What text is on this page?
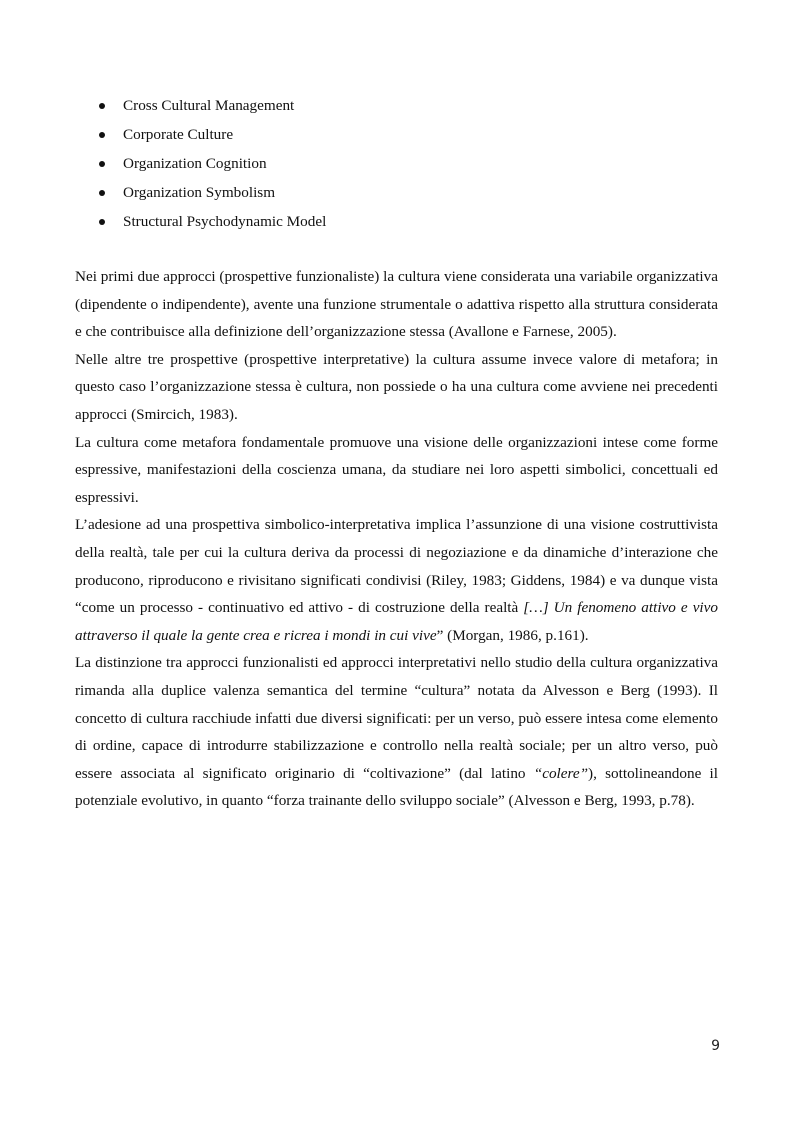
Cross Cultural Management
Corporate Culture
Organization Cognition
Organization Symbolism
Structural Psychodynamic Model

Nei primi due approcci (prospettive funzionaliste) la cultura viene considerata una variabile organizzativa (dipendente o indipendente), avente una funzione strumentale o adattiva rispetto alla struttura considerata e che contribuisce alla definizione dell’organizzazione stessa (Avallone e Farnese, 2005).

Nelle altre tre prospettive (prospettive interpretative) la cultura assume invece valore di metafora; in questo caso l’organizzazione stessa è cultura, non possiede o ha una cultura come avviene nei precedenti approcci (Smircich, 1983).

La cultura come metafora fondamentale promuove una visione delle organizzazioni intese come forme espressive, manifestazioni della coscienza umana, da studiare nei loro aspetti simbolici, concettuali ed espressivi.

L’adesione ad una prospettiva simbolico-interpretativa implica l’assunzione di una visione costruttivista della realtà, tale per cui la cultura deriva da processi di negoziazione e da dinamiche d’interazione che producono, riproducono e rivisitano significati condivisi (Riley, 1983; Giddens, 1984) e va dunque vista “come un processo - continuativo ed attivo - di costruzione della realtà […] Un fenomeno attivo e vivo attraverso il quale la gente crea e ricrea i mondi in cui vive” (Morgan, 1986, p.161).

La distinzione tra approcci funzionalisti ed approcci interpretativi nello studio della cultura organizzativa rimanda alla duplice valenza semantica del termine “cultura” notata da Alvesson e Berg (1993). Il concetto di cultura racchiude infatti due diversi significati: per un verso, può essere intesa come elemento di ordine, capace di introdurre stabilizzazione e controllo nella realtà sociale; per un altro verso, può essere associata al significato originario di “coltivazione” (dal latino “colere”), sottolineandone il potenziale evolutivo, in quanto “forza trainante dello sviluppo sociale” (Alvesson e Berg, 1993, p.78).

9
